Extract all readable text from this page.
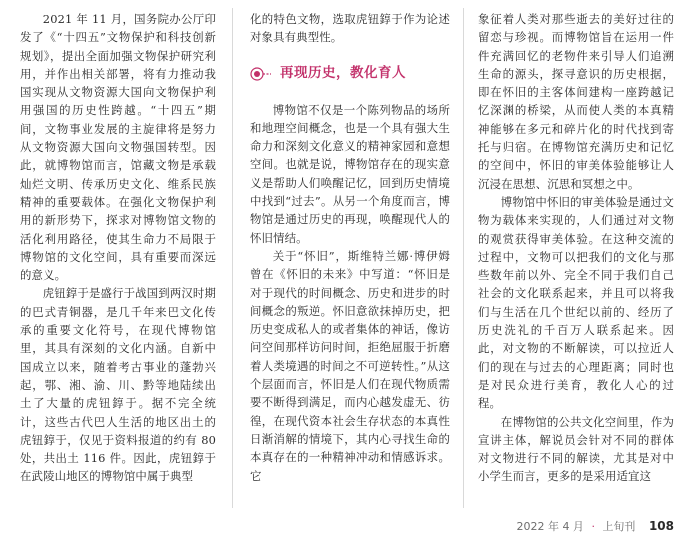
2021 年 11 月，国务院办公厅印发了《“十四五”文物保护和科技创新规划》，提出全面加强文物保护研究利用，并作出相关部署，将有力推动我国实现从文物资源大国向文物保护利用强国的历史性跨越。“十四五”期间，文物事业发展的主旋律将是努力从文物资源大国向文物强国转型。因此，就博物馆而言，馆藏文物是承载灿烂文明、传承历史文化、维系民族精神的重要载体。在强化文物保护利用的新形势下，探求对博物馆文物的活化利用路径，使其生命力不局限于博物馆的文化空间，具有重要而深远的意义。

虎钮錞于是盛行于战国到两汉时期的巴式青铜器，是几千年来巴文化传承的重要文化符号，在现代博物馆里，其具有深刻的文化内涵。自新中国成立以来，随着考古事业的蓬勃兴起，鄂、湘、渝、川、黔等地陆续出土了大量的虎钮錞于。据不完全统计，这些古代巴人生活的地区出土的虎钮錞于，仅见于资料报道的约有 80 处，共出土 116 件。因此，虎钮錞于在武陵山地区的博物馆中属于典型

化的特色文物，选取虎钮錞于作为论述对象具有典型性。

再现历史，教化育人

博物馆不仅是一个陈列物品的场所和地理空间概念，也是一个具有强大生命力和深刻文化意义的精神家园和意想空间。也就是说，博物馆存在的现实意义是帮助人们唤醒记忆，回到历史情境中找到“过去”。从另一个角度而言，博物馆是通过历史的再现，唤醒现代人的怀旧情结。

关于“怀旧”，斯维特兰娜·博伊姆曾在《怀旧的未来》中写道：“怀旧是对于现代的时间概念、历史和进步的时间概念的叛逆。怀旧意欲抹掉历史，把历史变成私人的或者集体的神话，像访问空间那样访问时间，拒绝屈服于折磨着人类境遇的时间之不可逆转性。”从这个层面而言，怀旧是人们在现代物质需要不断得到满足，而内心越发虚无、彷徨，在现代资本社会生存状态的本真性日渐消解的情境下，其内心寻找生命的本真存在的一种精神冲动和情感诉求。它

象征着人类对那些逝去的美好过往的留恋与珍视。而博物馆旨在运用一件件充满回忆的老物件来引导人们追溯生命的源头，探寻意识的历史根据，即在怀旧的主客体间建构一座跨越记忆深渊的桥梁，从而使人类的本真精神能够在多元和碎片化的时代找到寄托与归宿。在博物馆充满历史和记忆的空间中，怀旧的审美体验能够让人沉浸在思想、沉思和冥想之中。

博物馆中怀旧的审美体验是通过文物为载体来实现的，人们通过对文物的观赏获得审美体验。在这种交流的过程中，文物可以把我们的文化与那些数年前以外、完全不同于我们自己社会的文化联系起来，并且可以将我们与生活在几个世纪以前的、经历了历史洗礼的千百万人联系起来。因此，对文物的不断解读，可以拉近人们的现在与过去的心理距离；同时也是对民众进行美育，教化人心的过程。

在博物馆的公共文化空间里，作为宣讲主体，解说员会针对不同的群体对文物进行不同的解读，尤其是对中小学生而言，更多的是采用适宜这

2022 年 4 月 · 上旬刊 108
